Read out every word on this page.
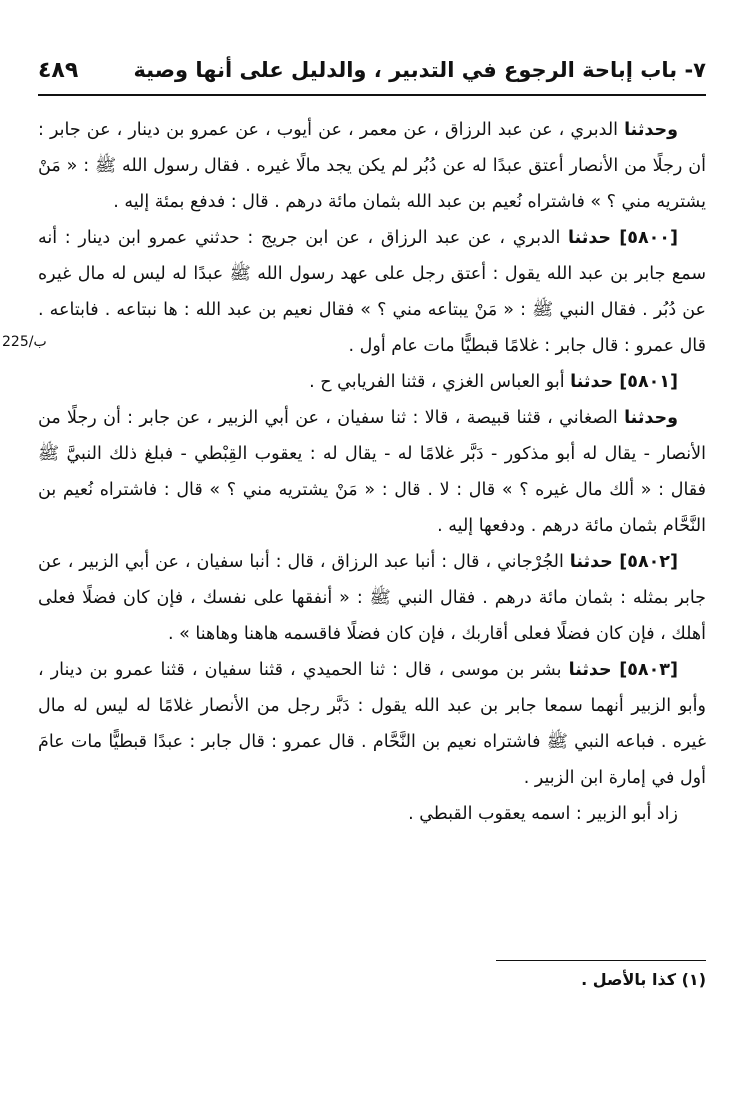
٧- باب إباحة الرجوع في التدبير ، والدليل على أنها وصية
٤٨٩
ب/225

وحدثنا الدبري ، عن عبد الرزاق ، عن معمر ، عن أيوب ، عن عمرو بن دينار ، عن جابر : أن رجلًا من الأنصار أعتق عبدًا له عن دُبُر لم يكن يجد مالًا غيره . فقال رسول الله ﷺ : « مَنْ يشتريه مني ؟ » فاشتراه نُعيم بن عبد الله بثمان مائة درهم . قال : فدفع بمئة إليه .

[٥٨٠٠] حدثنا الدبري ، عن عبد الرزاق ، عن ابن جريج : حدثني عمرو ابن دينار : أنه سمع جابر بن عبد الله يقول : أعتق رجل على عهد رسول الله ﷺ عبدًا له ليس له مال غيره عن دُبُر . فقال النبي ﷺ : « مَنْ يبتاعه مني ؟ » فقال نعيم بن عبد الله : ها نبتاعه . فابتاعه . قال عمرو : قال جابر : غلامًا قبطيًّا مات عام أول .

[٥٨٠١] حدثنا أبو العباس الغزي ، قثنا الفريابي ح .

وحدثنا الصغاني ، قثنا قبيصة ، قالا : ثنا سفيان ، عن أبي الزبير ، عن جابر : أن رجلًا من الأنصار - يقال له أبو مذكور - دَبَّر غلامًا له - يقال له : يعقوب القِبْطي - فبلغ ذلك النبيَّ ﷺ فقال : « ألك مال غيره ؟ » قال : لا . قال : « مَنْ يشتريه مني ؟ » قال : فاشتراه نُعيم بن النَّحَّام بثمان مائة درهم . ودفعها إليه .

[٥٨٠٢] حدثنا الجُرْجاني ، قال : أنبا عبد الرزاق ، قال : أنبا سفيان ، عن أبي الزبير ، عن جابر بمثله : بثمان مائة درهم . فقال النبي ﷺ : « أنفقها على نفسك ، فإن كان فضلًا فعلى أهلك ، فإن كان فضلًا فعلى أقاربك ، فإن كان فضلًا فاقسمه هاهنا وهاهنا » .

[٥٨٠٣] حدثنا بشر بن موسى ، قال : ثنا الحميدي ، قثنا سفيان ، قثنا عمرو بن دينار ، وأبو الزبير أنهما سمعا جابر بن عبد الله يقول : دَبَّر رجل من الأنصار غلامًا له ليس له مال غيره . فباعه النبي ﷺ فاشتراه نعيم بن النَّحَّام . قال عمرو : قال جابر : عبدًا قبطيًّا مات عامَ أول في إمارة ابن الزبير .

زاد أبو الزبير : اسمه يعقوب القبطي .

(١) كذا بالأصل .
